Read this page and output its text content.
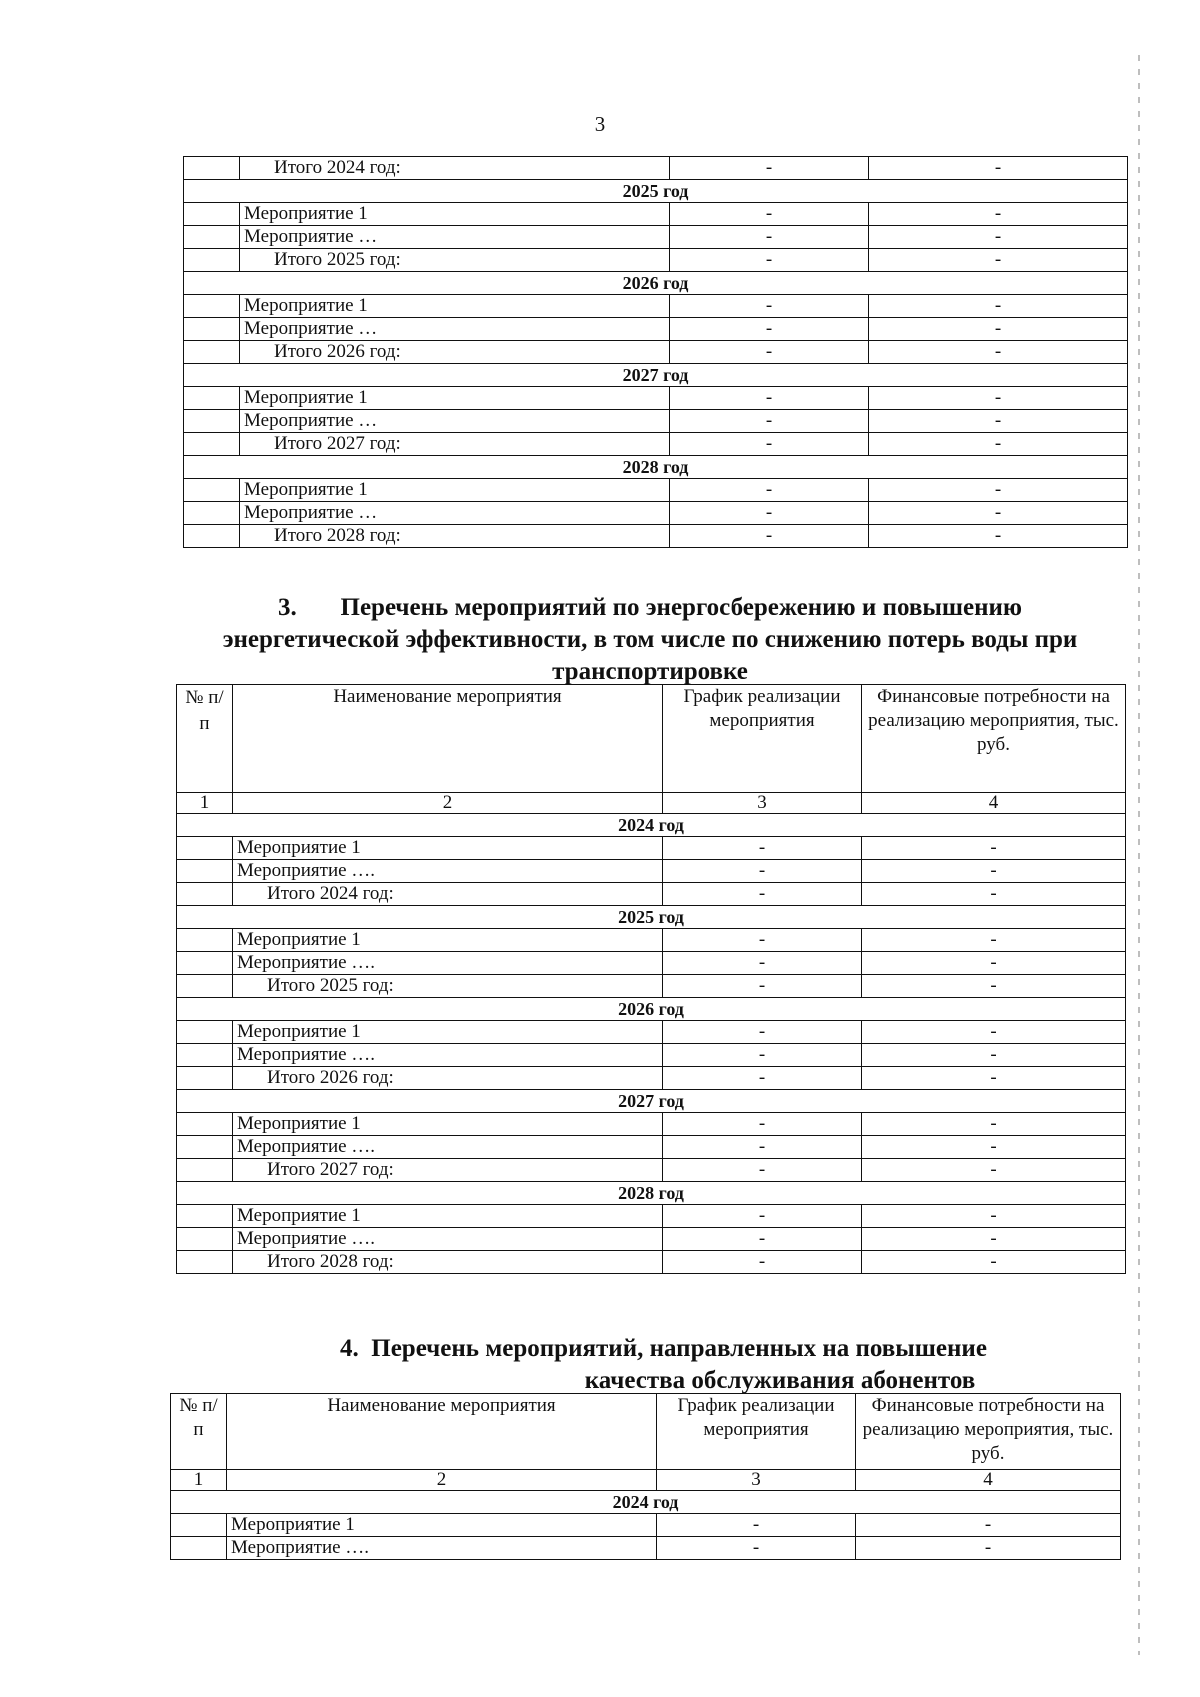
3
	Итого 2024 год:	-	-
2025 год			
	Мероприятие 1	-	-
	Мероприятие …	-	-
	Итого 2025 год:	-	-
2026 год			
	Мероприятие 1	-	-
	Мероприятие …	-	-
	Итого 2026 год:	-	-
2027 год			
	Мероприятие 1	-	-
	Мероприятие …	-	-
	Итого 2027 год:	-	-
2028 год			
	Мероприятие 1	-	-
	Мероприятие …	-	-
	Итого 2028 год:	-	-
3.       Перечень мероприятий по энергосбережению и повышению
энергетической эффективности, в том числе по снижению потерь воды при
транспортировке
№ п/п	Наименование мероприятия	График реализации мероприятия	Финансовые потребности на реализацию мероприятия, тыс. руб.
1	2	3	4
2024 год			
	Мероприятие 1	-	-
	Мероприятие ….	-	-
	Итого 2024 год:	-	-
2025 год			
	Мероприятие 1	-	-
	Мероприятие ….	-	-
	Итого 2025 год:	-	-
2026 год			
	Мероприятие 1	-	-
	Мероприятие ….	-	-
	Итого 2026 год:	-	-
2027 год			
	Мероприятие 1	-	-
	Мероприятие ….	-	-
	Итого 2027 год:	-	-
2028 год			
	Мероприятие 1	-	-
	Мероприятие ….	-	-
	Итого 2028 год:	-	-
4.  Перечень мероприятий, направленных на повышение
качества обслуживания абонентов
№ п/п	Наименование мероприятия	График реализации мероприятия	Финансовые потребности на реализацию мероприятия, тыс. руб.
1	2	3	4
2024 год			
	Мероприятие 1	-	-
	Мероприятие ….	-	-
